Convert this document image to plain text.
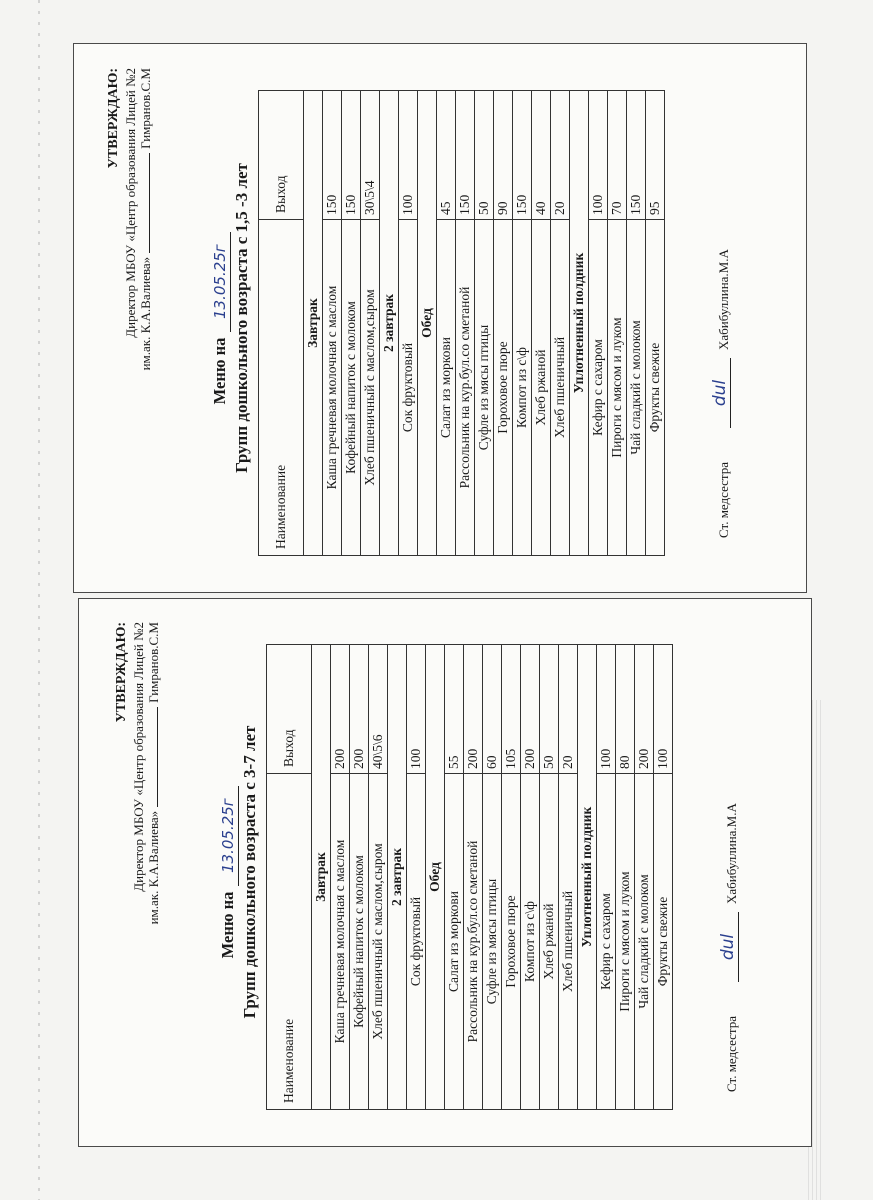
УТВЕРЖДАЮ: Директор МБОУ «Центр образования Лицей №2 им.ак. К.А.Валиева»Гимранов.С.М
Меню на13.05.25г Групп дошкольного возраста с 1,5 -3 лет
Наименование	Выход
Завтрак	
Каша гречневая молочная с маслом	150
Кофейный напиток с молоком	150
Хлеб пшеничный с маслом,сыром	30\5\4
2 завтрак	
Сок фруктовый	100
Обед	
Салат из моркови	45
Рассольник на кур.бул.со сметаной	150
Суфле из мясы птицы	50
Гороховое пюре	90
Компот из с\ф	150
Хлеб ржаной	40
Хлеб пшеничный	20
Уплотненный полдник	
Кефир с сахаром	100
Пироги с мясом и луком	70
Чай сладкий с молоком	150
Фрукты свежие	95
Ст. медсестра
dul
Хабибуллина.М.А
УТВЕРЖДАЮ: Директор МБОУ «Центр образования Лицей №2 им.ак. К.А.Валиева»Гимранов.С.М
Меню на13.05.25г Групп дошкольного возраста с 3-7 лет
Наименование	Выход
Завтрак	
Каша гречневая молочная с маслом	200
Кофейный напиток с молоком	200
Хлеб пшеничный с маслом,сыром	40\5\6
2 завтрак	
Сок фруктовый	100
Обед	
Салат из моркови	55
Рассольник на кур.бул.со сметаной	200
Суфле из мясы птицы	60
Гороховое пюре	105
Компот из с\ф	200
Хлеб ржаной	50
Хлеб пшеничный	20
Уплотненный полдник	
Кефир с сахаром	100
Пироги с мясом и луком	80
Чай сладкий с молоком	200
Фрукты свежие	100
Ст. медсестра
dul
Хабибуллина.М.А
